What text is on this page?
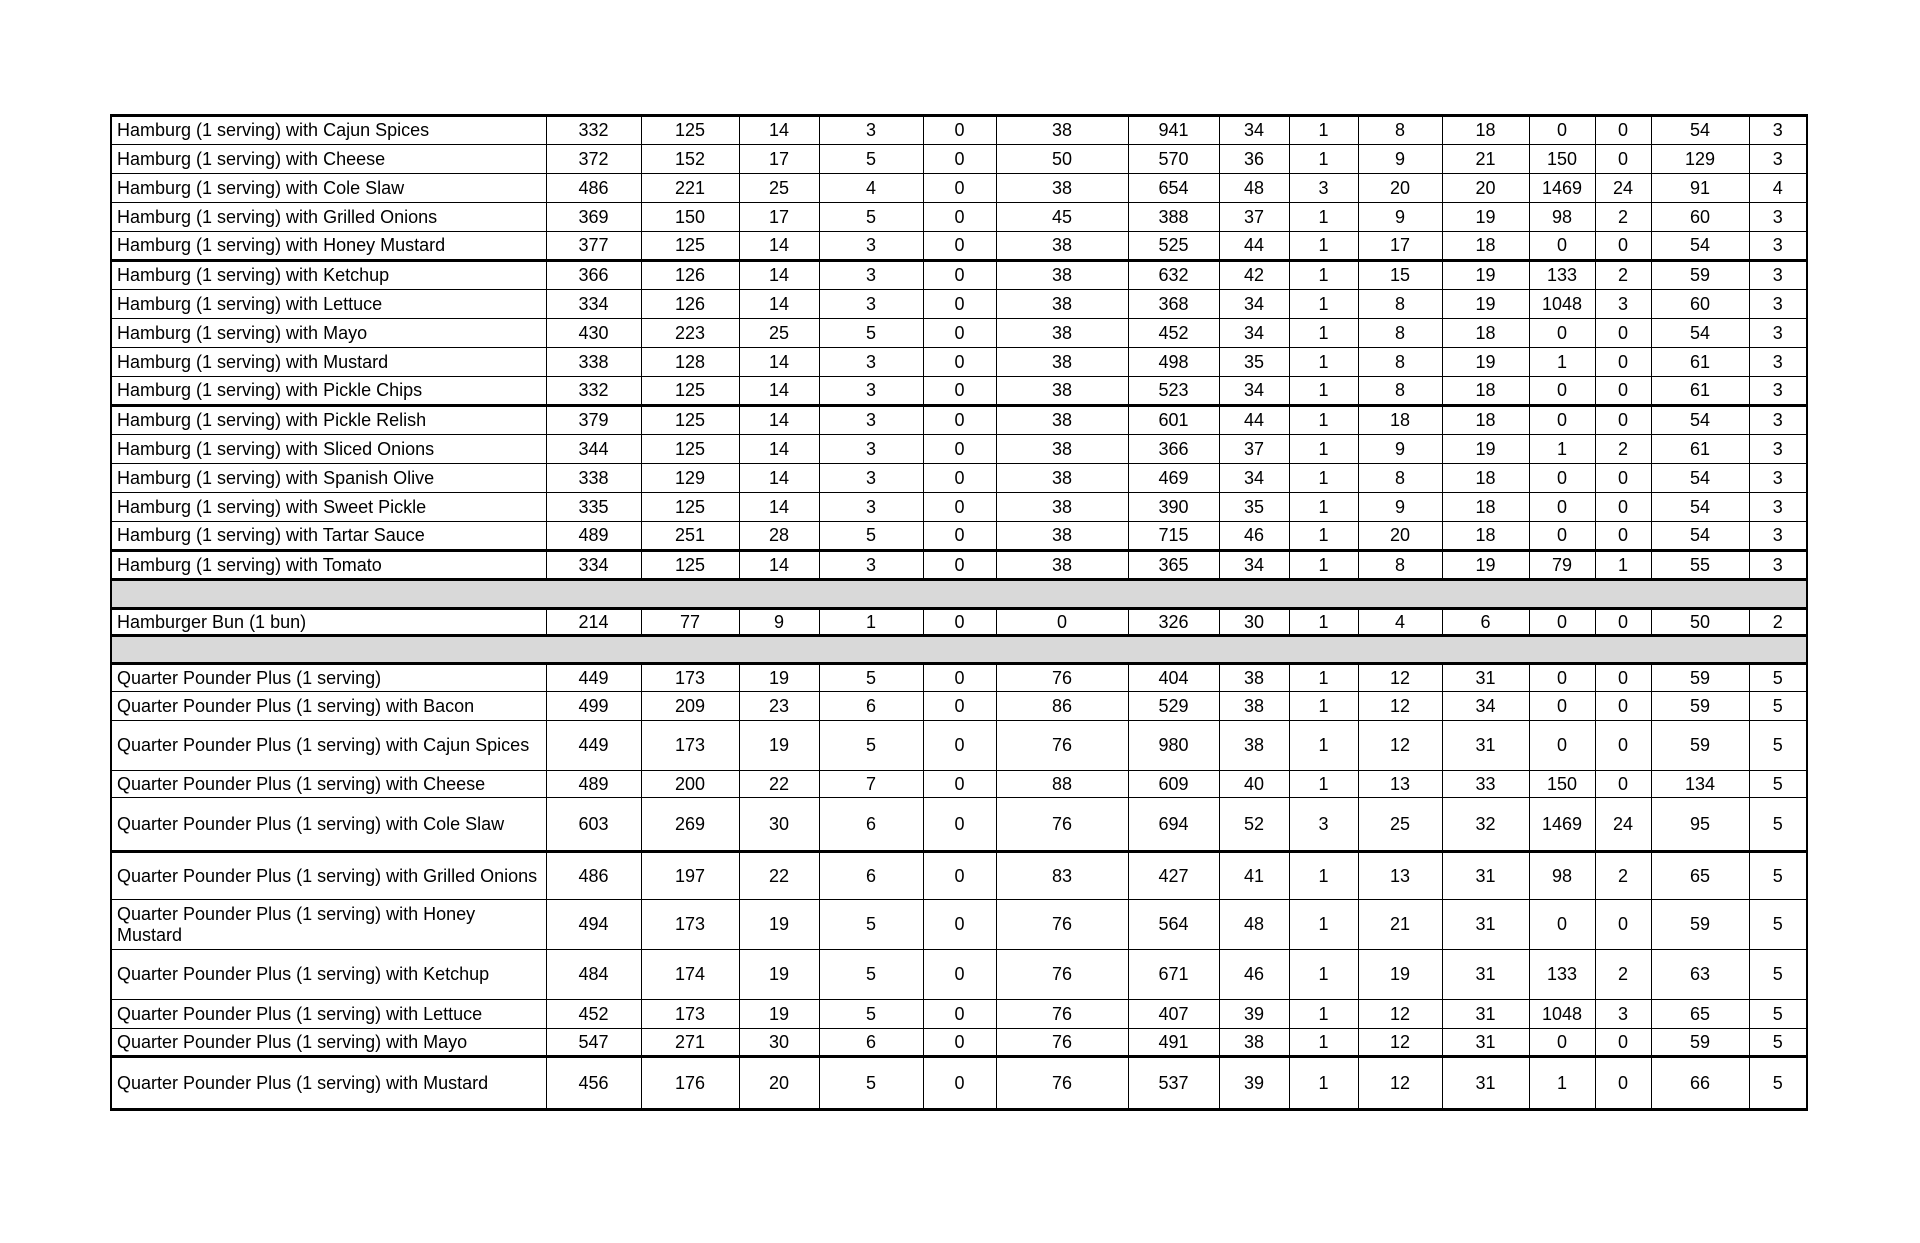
Hamburg (1 serving) with Cajun Spices	332	125	14	3	0	38	941	34	1	8	18	0	0	54	3
Hamburg (1 serving) with Cheese	372	152	17	5	0	50	570	36	1	9	21	150	0	129	3
Hamburg (1 serving) with Cole Slaw	486	221	25	4	0	38	654	48	3	20	20	1469	24	91	4
Hamburg (1 serving) with Grilled Onions	369	150	17	5	0	45	388	37	1	9	19	98	2	60	3
Hamburg (1 serving) with Honey Mustard	377	125	14	3	0	38	525	44	1	17	18	0	0	54	3
Hamburg (1 serving) with Ketchup	366	126	14	3	0	38	632	42	1	15	19	133	2	59	3
Hamburg (1 serving) with Lettuce	334	126	14	3	0	38	368	34	1	8	19	1048	3	60	3
Hamburg (1 serving) with Mayo	430	223	25	5	0	38	452	34	1	8	18	0	0	54	3
Hamburg (1 serving) with Mustard	338	128	14	3	0	38	498	35	1	8	19	1	0	61	3
Hamburg (1 serving) with Pickle Chips	332	125	14	3	0	38	523	34	1	8	18	0	0	61	3
Hamburg (1 serving) with Pickle Relish	379	125	14	3	0	38	601	44	1	18	18	0	0	54	3
Hamburg (1 serving) with Sliced Onions	344	125	14	3	0	38	366	37	1	9	19	1	2	61	3
Hamburg (1 serving) with Spanish Olive	338	129	14	3	0	38	469	34	1	8	18	0	0	54	3
Hamburg (1 serving) with Sweet Pickle	335	125	14	3	0	38	390	35	1	9	18	0	0	54	3
Hamburg (1 serving) with Tartar Sauce	489	251	28	5	0	38	715	46	1	20	18	0	0	54	3
Hamburg (1 serving) with Tomato	334	125	14	3	0	38	365	34	1	8	19	79	1	55	3

Hamburger Bun (1 bun)	214	77	9	1	0	0	326	30	1	4	6	0	0	50	2

Quarter Pounder Plus (1 serving)	449	173	19	5	0	76	404	38	1	12	31	0	0	59	5
Quarter Pounder Plus (1 serving) with Bacon	499	209	23	6	0	86	529	38	1	12	34	0	0	59	5
Quarter Pounder Plus (1 serving) with Cajun Spices	449	173	19	5	0	76	980	38	1	12	31	0	0	59	5
Quarter Pounder Plus (1 serving) with Cheese	489	200	22	7	0	88	609	40	1	13	33	150	0	134	5
Quarter Pounder Plus (1 serving) with Cole Slaw	603	269	30	6	0	76	694	52	3	25	32	1469	24	95	5
Quarter Pounder Plus (1 serving) with Grilled Onions	486	197	22	6	0	83	427	41	1	13	31	98	2	65	5
Quarter Pounder Plus (1 serving) with Honey Mustard	494	173	19	5	0	76	564	48	1	21	31	0	0	59	5
Quarter Pounder Plus (1 serving) with Ketchup	484	174	19	5	0	76	671	46	1	19	31	133	2	63	5
Quarter Pounder Plus (1 serving) with Lettuce	452	173	19	5	0	76	407	39	1	12	31	1048	3	65	5
Quarter Pounder Plus (1 serving) with Mayo	547	271	30	6	0	76	491	38	1	12	31	0	0	59	5
Quarter Pounder Plus (1 serving) with Mustard	456	176	20	5	0	76	537	39	1	12	31	1	0	66	5
